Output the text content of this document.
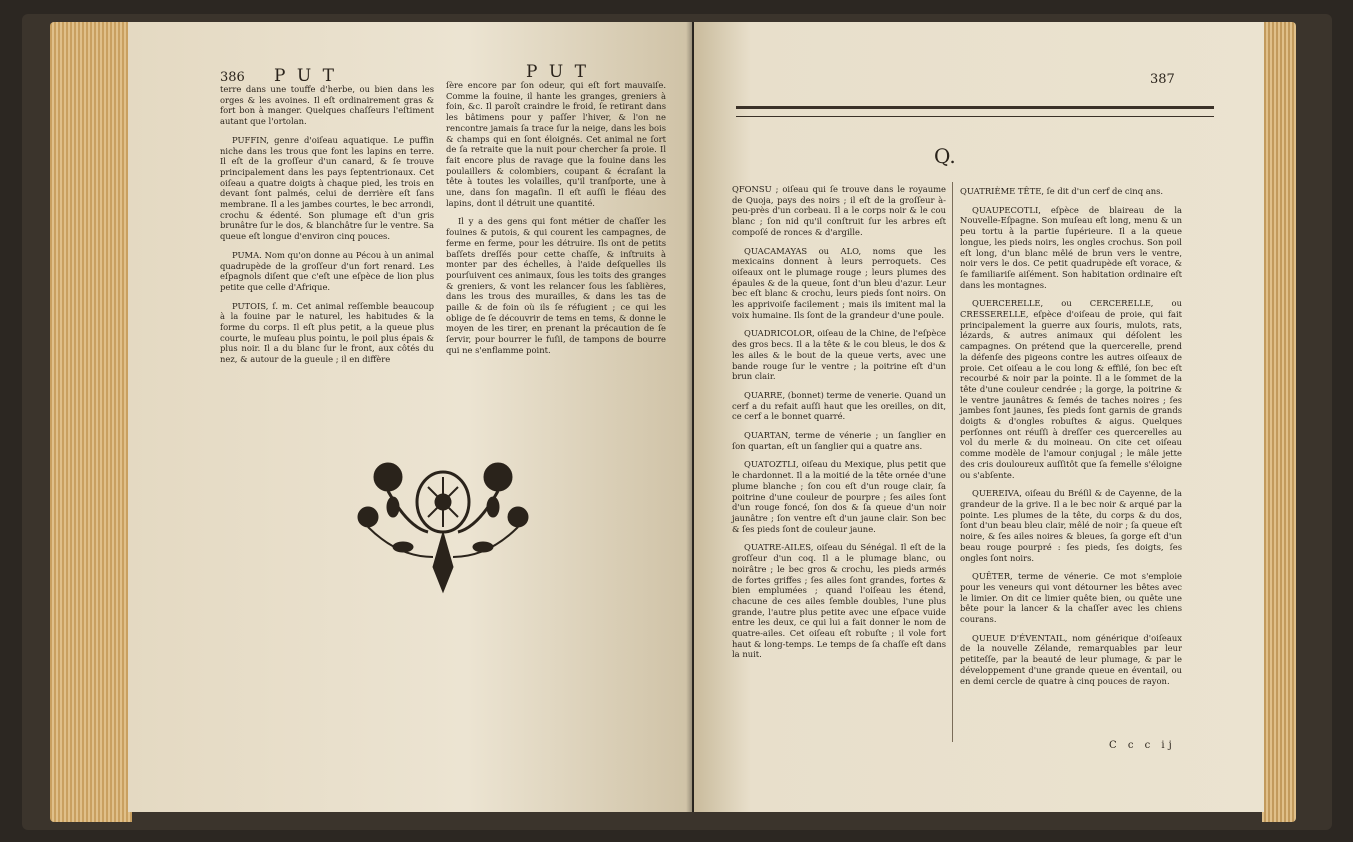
386 P U T	P U T

terre dans une touffe d'herbe, ou bien dans les orges & les avoines. Il eſt ordinairement gras & fort bon à manger. Quelques chaſſeurs l'eſtiment autant que l'ortolan.

PUFFIN, genre d'oiſeau aquatique. Le puffin niche dans les trous que font les lapins en terre. Il eſt de la groſſeur d'un canard, & ſe trouve principalement dans les pays ſeptentrionaux. Cet oiſeau a quatre doigts à chaque pied, les trois en devant ſont palmés, celui de derrière eſt ſans membrane. Il a les jambes courtes, le bec arrondi, crochu & édenté. Son plumage eſt d'un gris brunâtre ſur le dos, & blanchâtre ſur le ventre. Sa queue eſt longue d'environ cinq pouces.

PUMA. Nom qu'on donne au Pécou à un animal quadrupède de la groſſeur d'un fort renard. Les eſpagnols diſent que c'eſt une eſpèce de lion plus petite que celle d'Afrique.

PUTOIS, ſ. m. Cet animal reſſemble beaucoup à la fouine par le naturel, les habitudes & la forme du corps. Il eſt plus petit, a la queue plus courte, le muſeau plus pointu, le poil plus épais & plus noir. Il a du blanc ſur le front, aux côtés du nez, & autour de la gueule ; il en diffère

ſère encore par ſon odeur, qui eſt fort mauvaiſe. Comme la fouine, il hante les granges, greniers à foin, &c. Il paroît craindre le froid, ſe retirant dans les bâtimens pour y paſſer l'hiver, & l'on ne rencontre jamais ſa trace ſur la neige, dans les bois & champs qui en ſont éloignés. Cet animal ne ſort de ſa retraite que la nuit pour chercher ſa proie. Il fait encore plus de ravage que la fouine dans les poulaillers & colombiers, coupant & écraſant la tête à toutes les volailles, qu'il tranſporte, une à une, dans ſon magaſin. Il eſt auſſi le fléau des lapins, dont il détruit une quantité.

Il y a des gens qui font métier de chaſſer les fouines & putois, & qui courent les campagnes, de ferme en ferme, pour les détruire. Ils ont de petits baſſets dreſſés pour cette chaſſe, & inſtruits à monter par des échelles, à l'aide deſquelles ils pourſuivent ces animaux, ſous les toits des granges & greniers, & vont les relancer ſous les ſablières, dans les trous des murailles, & dans les tas de paille & de foin où ils ſe réfugient ; ce qui les oblige de ſe découvrir de tems en tems, & donne le moyen de les tirer, en prenant la précaution de ſe ſervir, pour bourrer le fuſil, de tampons de bourre qui ne s'enflamme point.

387
Q.

QFONSU ; oiſeau qui ſe trouve dans le royaume de Quoja, pays des noirs ; il eſt de la groſſeur à-peu-près d'un corbeau. Il a le corps noir & le cou blanc ; ſon nid qu'il conſtruit ſur les arbres eſt compoſé de ronces & d'argille.

QUACAMAYAS ou ALO, noms que les mexicains donnent à leurs perroquets. Ces oiſeaux ont le plumage rouge ; leurs plumes des épaules & de la queue, ſont d'un bleu d'azur. Leur bec eſt blanc & crochu, leurs pieds ſont noirs. On les apprivoiſe facilement ; mais ils imitent mal la voix humaine. Ils ſont de la grandeur d'une poule.

QUADRICOLOR, oiſeau de la Chine, de l'eſpèce des gros becs. Il a la tête & le cou bleus, le dos & les ailes & le bout de la queue verts, avec une bande rouge ſur le ventre ; la poitrine eſt d'un brun clair.

QUARRE, (bonnet) terme de venerie. Quand un cerf a du refait auſſi haut que les oreilles, on dit, ce cerf a le bonnet quarré.

QUARTAN, terme de vénerie ; un ſanglier en ſon quartan, eſt un ſanglier qui a quatre ans.

QUATOZTLI, oiſeau du Mexique, plus petit que le chardonnet. Il a la moitié de la tête ornée d'une plume blanche ; ſon cou eſt d'un rouge clair, ſa poitrine d'une couleur de pourpre ; ſes ailes ſont d'un rouge foncé, ſon dos & ſa queue d'un noir jaunâtre ; ſon ventre eſt d'un jaune clair. Son bec & ſes pieds ſont de couleur jaune.

QUATRE-AILES, oiſeau du Sénégal. Il eſt de la groſſeur d'un coq. Il a le plumage blanc, ou noirâtre ; le bec gros & crochu, les pieds armés de fortes griffes ; ſes ailes ſont grandes, fortes & bien emplumées ; quand l'oiſeau les étend, chacune de ces ailes ſemble doubles, l'une plus grande, l'autre plus petite avec une eſpace vuide entre les deux, ce qui lui a fait donner le nom de quatre-ailes. Cet oiſeau eſt robuſte ; il vole fort haut & long-temps. Le temps de ſa chaſſe eſt dans la nuit.

QUATRIÈME TÊTE, ſe dit d'un cerf de cinq ans.

QUAUPECOTLI, eſpèce de blaireau de la Nouvelle-Eſpagne. Son muſeau eſt long, menu & un peu tortu à la partie ſupérieure. Il a la queue longue, les pieds noirs, les ongles crochus. Son poil eſt long, d'un blanc mêlé de brun vers le ventre, noir vers le dos. Ce petit quadrupède eſt vorace, & ſe familiariſe aiſément. Son habitation ordinaire eſt dans les montagnes.

QUERCERELLE, ou CERCERELLE, ou CRESSERELLE, eſpèce d'oiſeau de proie, qui fait principalement la guerre aux ſouris, mulots, rats, lézards, & autres animaux qui déſolent les campagnes. On prétend que la quercerelle, prend la défenſe des pigeons contre les autres oiſeaux de proie. Cet oiſeau a le cou long & effilé, ſon bec eſt recourbé & noir par la pointe. Il a le ſommet de la tête d'une couleur cendrée ; la gorge, la poitrine & le ventre jaunâtres & ſemés de taches noires ; ſes jambes ſont jaunes, ſes pieds ſont garnis de grands doigts & d'ongles robuſtes & aigus. Quelques perſonnes ont réuſſi à dreſſer ces quercerelles au vol du merle & du moineau. On cite cet oiſeau comme modèle de l'amour conjugal ; le mâle jette des cris douloureux auſſitôt que ſa femelle s'éloigne ou s'abſente.

QUEREIVA, oiſeau du Bréſil & de Cayenne, de la grandeur de la grive. Il a le bec noir & arqué par la pointe. Les plumes de la tête, du corps & du dos, ſont d'un beau bleu clair, mêlé de noir ; ſa queue eſt noire, & ſes ailes noires & bleues, ſa gorge eſt d'un beau rouge pourpré : ſes pieds, ſes doigts, ſes ongles ſont noirs.

QUÊTER, terme de vénerie. Ce mot s'emploie pour les veneurs qui vont détourner les bêtes avec le limier. On dit ce limier quête bien, ou quête une bête pour la lancer & la chaſſer avec les chiens courans.

QUEUE D'ÉVENTAIL, nom générique d'oiſeaux de la nouvelle Zélande, remarquables par leur petiteſſe, par la beauté de leur plumage, & par le développement d'une grande queue en éventail, ou en demi cercle de quatre à cinq pouces de rayon.

C c c ij
